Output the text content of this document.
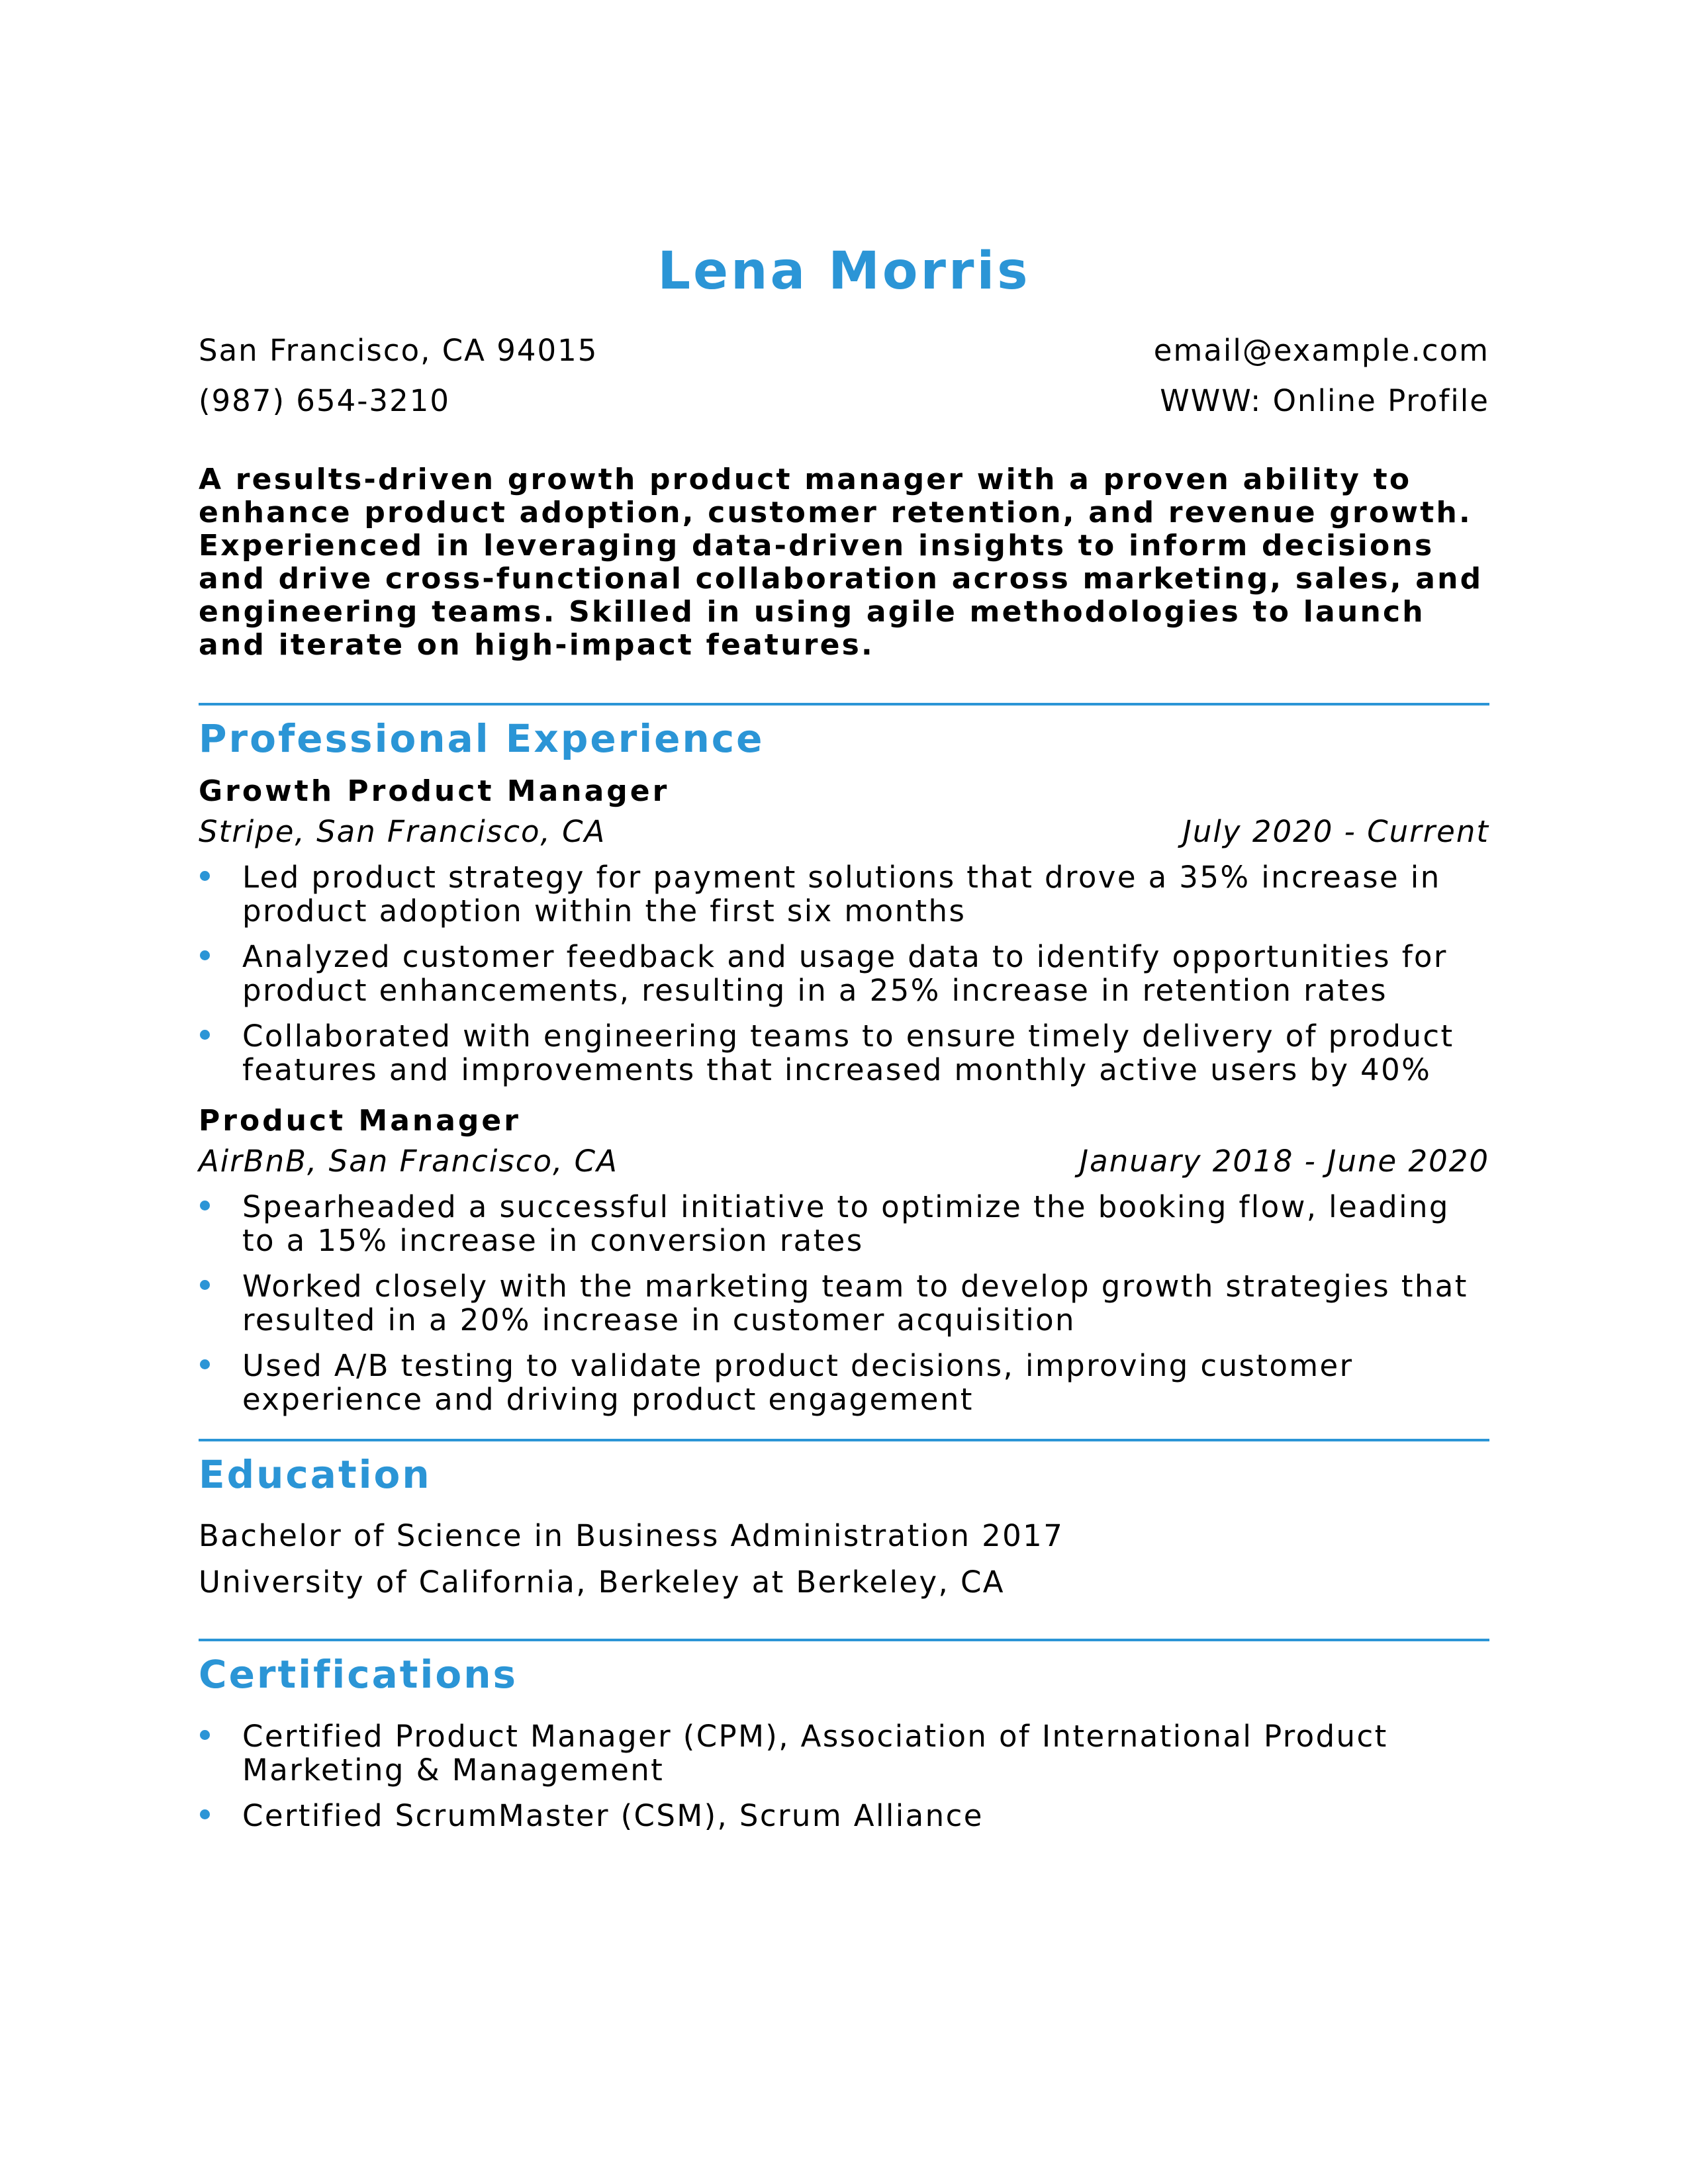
Lena Morris
San Francisco, CA 94015	email@example.com
(987) 654-3210	WWW: Online Profile
A results-driven growth product manager with a proven ability to enhance product adoption, customer retention, and revenue growth. Experienced in leveraging data-driven insights to inform decisions and drive cross-functional collaboration across marketing, sales, and engineering teams. Skilled in using agile methodologies to launch and iterate on high-impact features.
Professional Experience
Growth Product Manager
Stripe, San Francisco, CA	July 2020 - Current
Led product strategy for payment solutions that drove a 35% increase in product adoption within the first six months
Analyzed customer feedback and usage data to identify opportunities for product enhancements, resulting in a 25% increase in retention rates
Collaborated with engineering teams to ensure timely delivery of product features and improvements that increased monthly active users by 40%
Product Manager
AirBnB, San Francisco, CA	January 2018 - June 2020
Spearheaded a successful initiative to optimize the booking flow, leading to a 15% increase in conversion rates
Worked closely with the marketing team to develop growth strategies that resulted in a 20% increase in customer acquisition
Used A/B testing to validate product decisions, improving customer experience and driving product engagement
Education
Bachelor of Science in Business Administration 2017
University of California, Berkeley at Berkeley, CA
Certifications
Certified Product Manager (CPM), Association of International Product Marketing & Management
Certified ScrumMaster (CSM), Scrum Alliance
